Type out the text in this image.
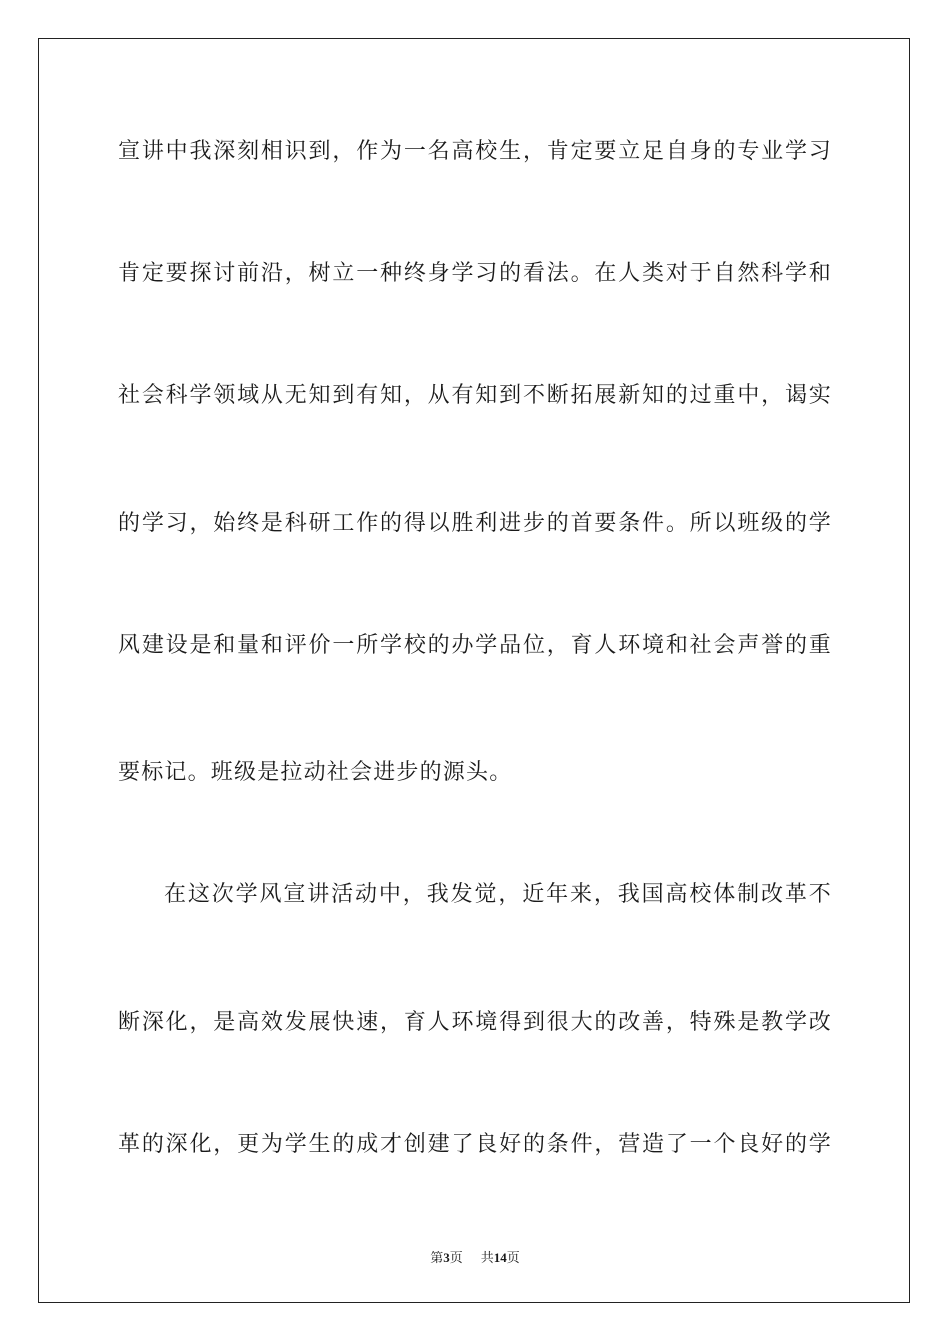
宣讲中我深刻相识到，作为一名高校生，肯定要立足自身的专业学习
肯定要探讨前沿，树立一种终身学习的看法。在人类对于自然科学和
社会科学领域从无知到有知，从有知到不断拓展新知的过重中，谒实
的学习，始终是科研工作的得以胜利进步的首要条件。所以班级的学
风建设是和量和评价一所学校的办学品位，育人环境和社会声誉的重
要标记。班级是拉动社会进步的源头。
在这次学风宣讲活动中，我发觉，近年来，我国高校体制改革不
断深化，是高效发展快速，育人环境得到很大的改善，特殊是教学改
革的深化，更为学生的成才创建了良好的条件，营造了一个良好的学
第3页 共14页
